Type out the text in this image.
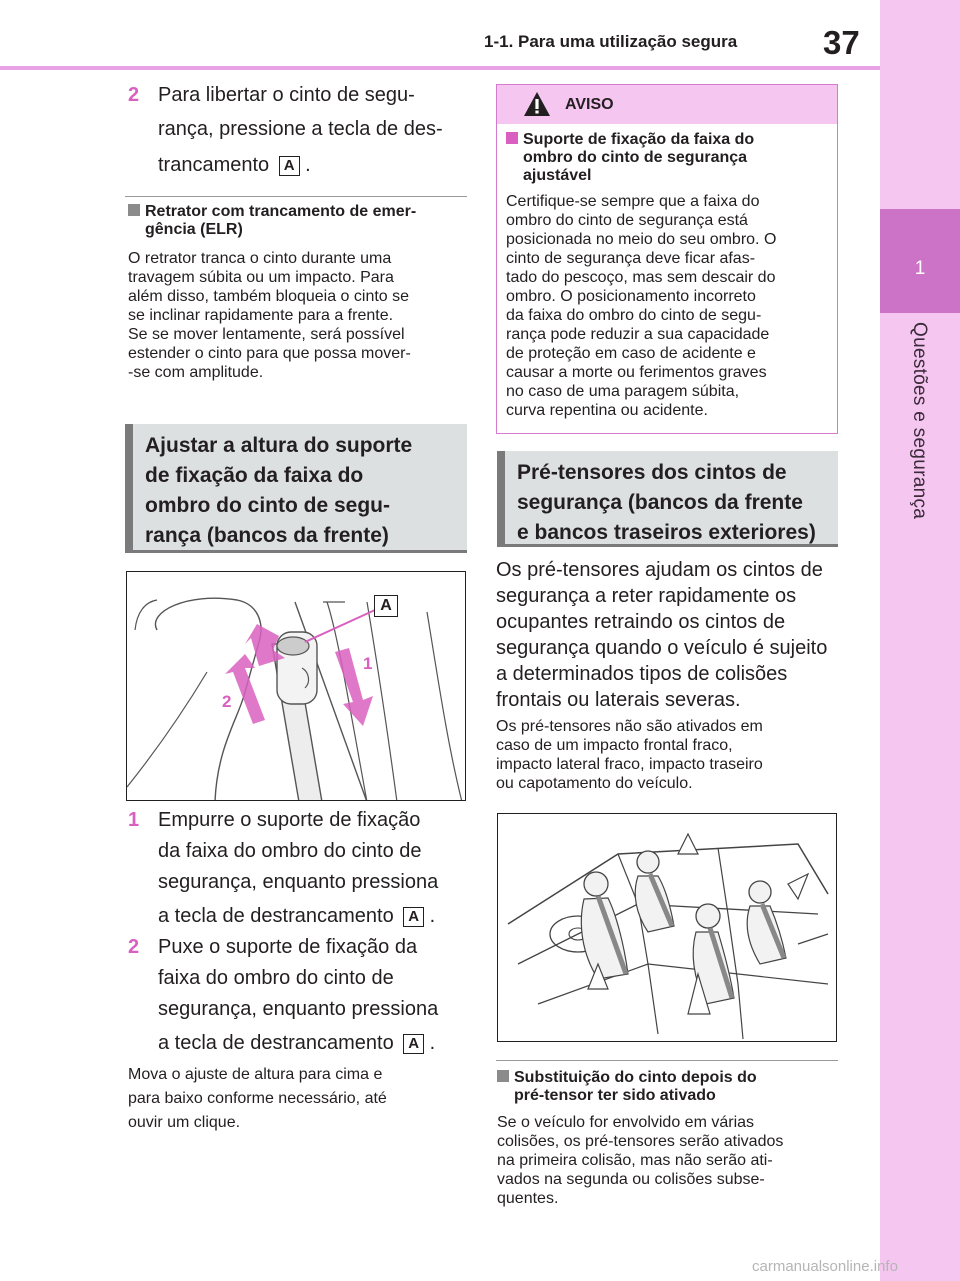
1-1. Para uma utilização segura	37
1
Questões e segurança
2 Para libertar o cinto de segu-
rança, pressione a tecla de des-
trancamento A .
Retrator com trancamento de emer-
gência (ELR)
O retrator tranca o cinto durante uma
travagem súbita ou um impacto. Para
além disso, também bloqueia o cinto se
se inclinar rapidamente para a frente.
Se se mover lentamente, será possível
estender o cinto para que possa mover-
-se com amplitude.
Ajustar a altura do suporte
de fixação da faixa do
ombro do cinto de segu-
rança (bancos da frente)
A
1
2
1 Empurre o suporte de fixação
da faixa do ombro do cinto de
segurança, enquanto pressiona
a tecla de destrancamento A .
2 Puxe o suporte de fixação da
faixa do ombro do cinto de
segurança, enquanto pressiona
a tecla de destrancamento A .
Mova o ajuste de altura para cima e
para baixo conforme necessário, até
ouvir um clique.
AVISO
Suporte de fixação da faixa do
ombro do cinto de segurança
ajustável
Certifique-se sempre que a faixa do
ombro do cinto de segurança está
posicionada no meio do seu ombro. O
cinto de segurança deve ficar afas-
tado do pescoço, mas sem descair do
ombro. O posicionamento incorreto
da faixa do ombro do cinto de segu-
rança pode reduzir a sua capacidade
de proteção em caso de acidente e
causar a morte ou ferimentos graves
no caso de uma paragem súbita,
curva repentina ou acidente.
Pré-tensores dos cintos de
segurança (bancos da frente
e bancos traseiros exteriores)
Os pré-tensores ajudam os cintos de
segurança a reter rapidamente os
ocupantes retraindo os cintos de
segurança quando o veículo é sujeito
a determinados tipos de colisões
frontais ou laterais severas.
Os pré-tensores não são ativados em
caso de um impacto frontal fraco,
impacto lateral fraco, impacto traseiro
ou capotamento do veículo.
Substituição do cinto depois do
pré-tensor ter sido ativado
Se o veículo for envolvido em várias
colisões, os pré-tensores serão ativados
na primeira colisão, mas não serão ati-
vados na segunda ou colisões subse-
quentes.
carmanualsonline.info
